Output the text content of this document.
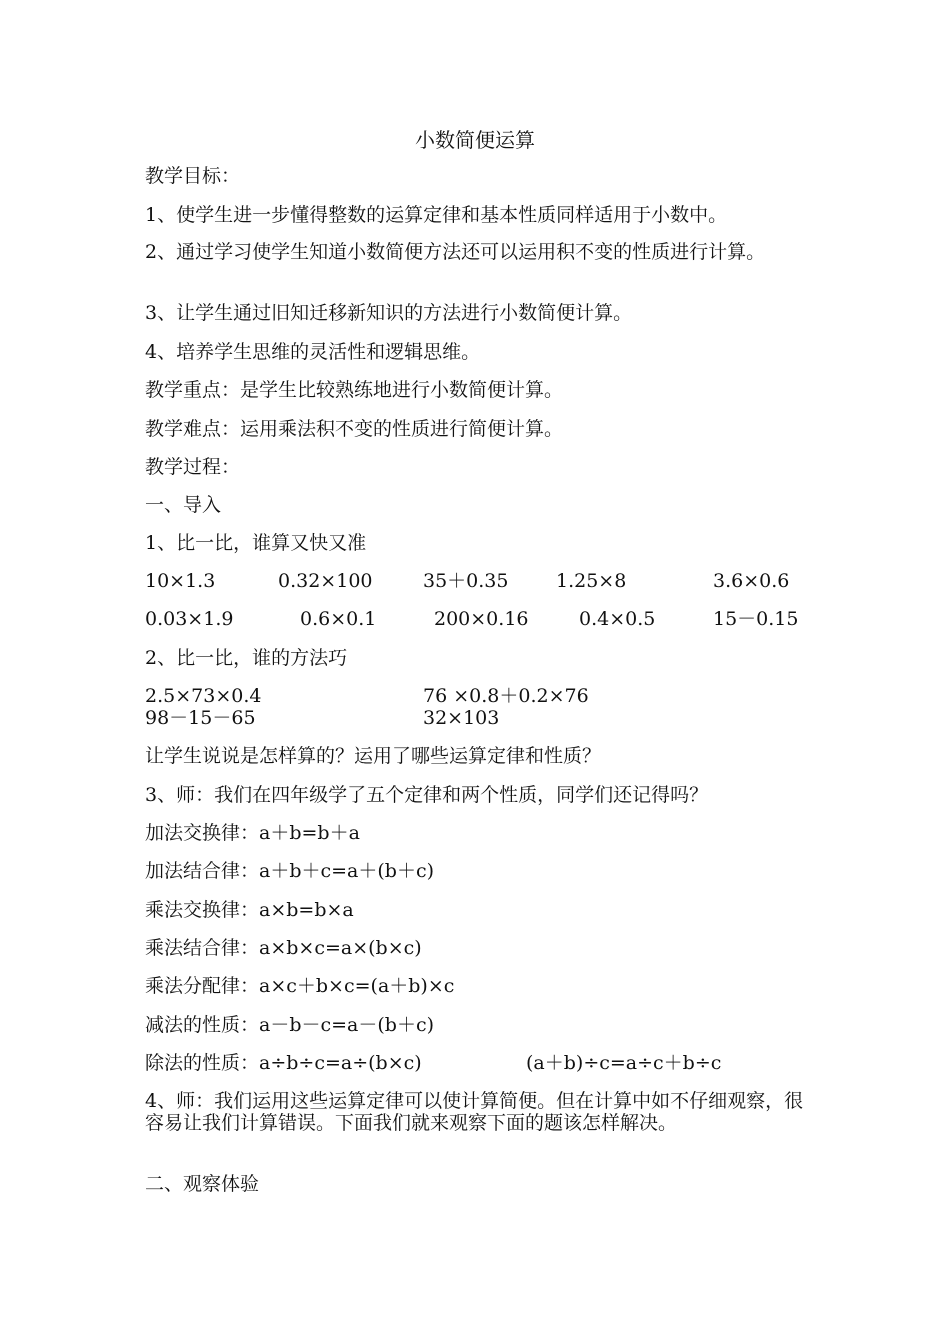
小数简便运算
教学目标：
1、使学生进一步懂得整数的运算定律和基本性质同样适用于小数中。
2、通过学习使学生知道小数简便方法还可以运用积不变的性质进行计算。
3、让学生通过旧知迁移新知识的方法进行小数简便计算。
4、培养学生思维的灵活性和逻辑思维。
教学重点：是学生比较熟练地进行小数简便计算。
教学难点：运用乘法积不变的性质进行简便计算。
教学过程：
一、导入
1、比一比，谁算又快又准
10×1.3	0.32×100	35＋0.35	1.25×8	3.6×0.6
0.03×1.9	0.6×0.1	200×0.16	0.4×0.5	15－0.15
2、比一比，谁的方法巧
2.5×73×0.4	76 ×0.8＋0.2×76
98－15－65	32×103
让学生说说是怎样算的？运用了哪些运算定律和性质？
3、师：我们在四年级学了五个定律和两个性质，同学们还记得吗？
加法交换律：a＋b=b＋a
加法结合律：a＋b＋c=a＋(b＋c)
乘法交换律：a×b=b×a
乘法结合律：a×b×c=a×(b×c)
乘法分配律：a×c＋b×c=(a＋b)×c
减法的性质：a－b－c=a－(b＋c)
除法的性质：a÷b÷c=a÷(b×c)	(a＋b)÷c=a÷c＋b÷c
4、师：我们运用这些运算定律可以使计算简便。但在计算中如不仔细观察，很容易让我们计算错误。下面我们就来观察下面的题该怎样解决。
二、观察体验
